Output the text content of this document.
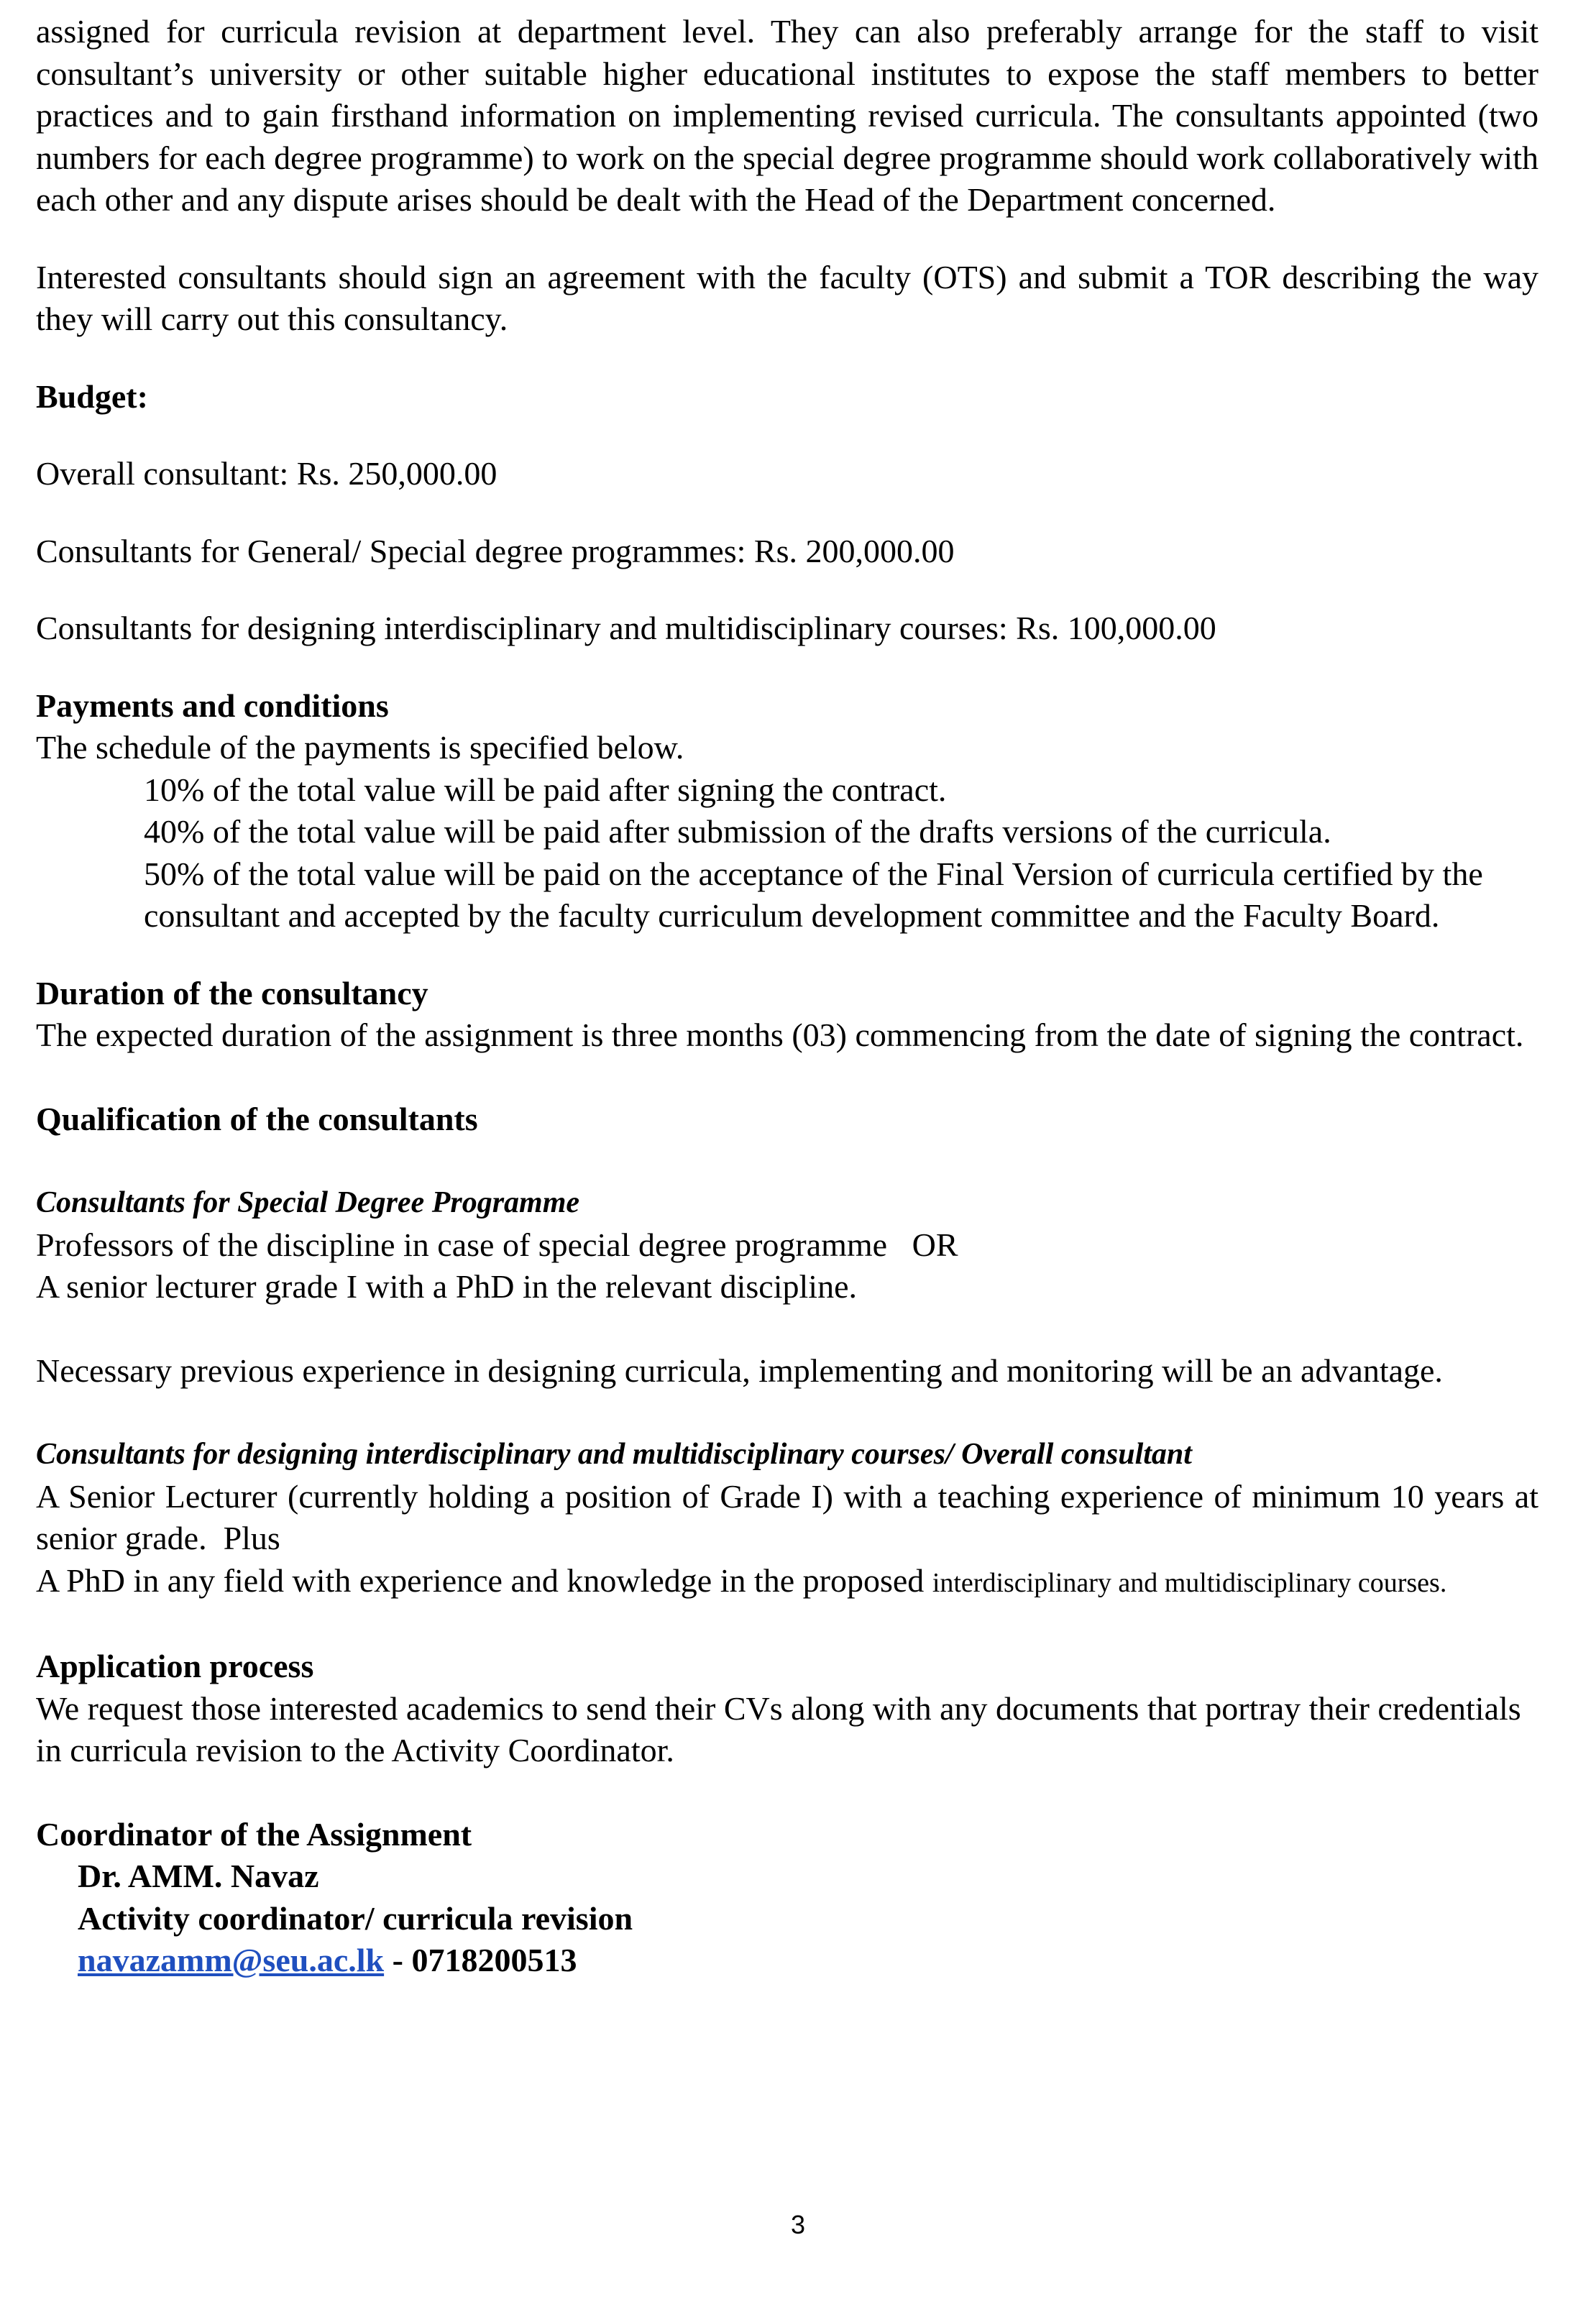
assigned for curricula revision at department level. They can also preferably arrange for the staff to visit consultant’s university or other suitable higher educational institutes to expose the staff members to better practices and to gain firsthand information on implementing revised curricula. The consultants appointed (two numbers for each degree programme) to work on the special degree programme should work collaboratively with each other and any dispute arises should be dealt with the Head of the Department concerned.

Interested consultants should sign an agreement with the faculty (OTS) and submit a TOR describing the way they will carry out this consultancy.

Budget:

Overall consultant: Rs. 250,000.00

Consultants for General/ Special degree programmes: Rs. 200,000.00

Consultants for designing interdisciplinary and multidisciplinary courses: Rs. 100,000.00

Payments and conditions

The schedule of the payments is specified below.

10% of the total value will be paid after signing the contract.

40% of the total value will be paid after submission of the drafts versions of the curricula.

50% of the total value will be paid on the acceptance of the Final Version of curricula certified by the consultant and accepted by the faculty curriculum development committee and the Faculty Board.

Duration of the consultancy

The expected duration of the assignment is three months (03) commencing from the date of signing the contract.

Qualification of the consultants

Consultants for Special Degree Programme

Professors of the discipline in case of special degree programme   OR

A senior lecturer grade I with a PhD in the relevant discipline.

Necessary previous experience in designing curricula, implementing and monitoring will be an advantage.

Consultants for designing interdisciplinary and multidisciplinary courses/ Overall consultant

A Senior Lecturer (currently holding a position of Grade I) with a teaching experience of minimum 10 years at senior grade.  Plus

A PhD in any field with experience and knowledge in the proposed interdisciplinary and multidisciplinary courses.

Application process

We request those interested academics to send their CVs along with any documents that portray their credentials in curricula revision to the Activity Coordinator.

Coordinator of the Assignment

Dr. AMM. Navaz

Activity coordinator/ curricula revision

navazamm@seu.ac.lk - 0718200513

3
